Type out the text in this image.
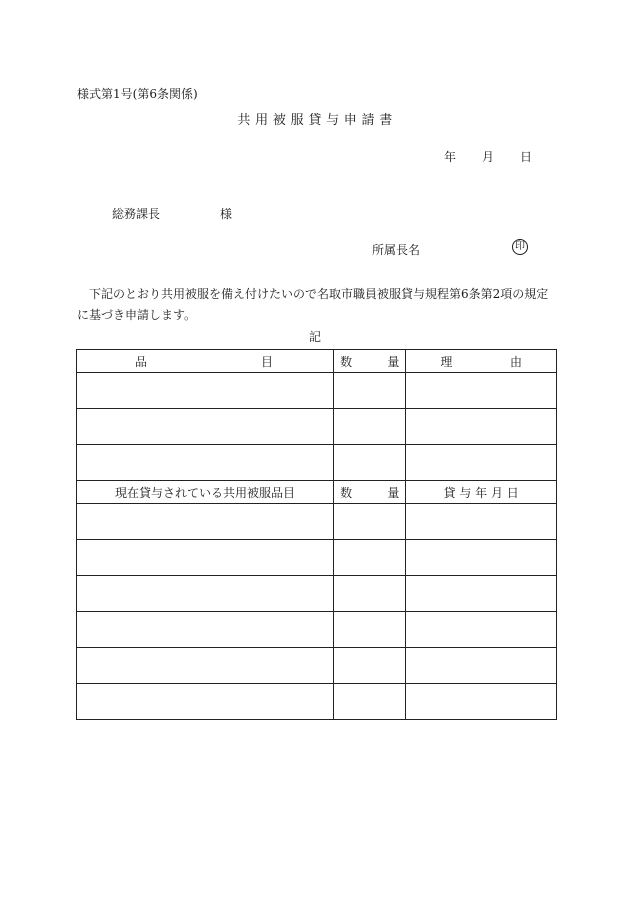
様式第1号(第6条関係)
共 用 被 服 貸 与 申 請 書
年 月 日
総務課長	様
所属長名	印
下記のとおり共用被服を備え付けたいので名取市職員被服貸与規程第6条第2項の規定に基づき申請します。
記
品 目	数 量	理 由

現在貸与されている共用被服品目	数 量	貸 与 年 月 日
